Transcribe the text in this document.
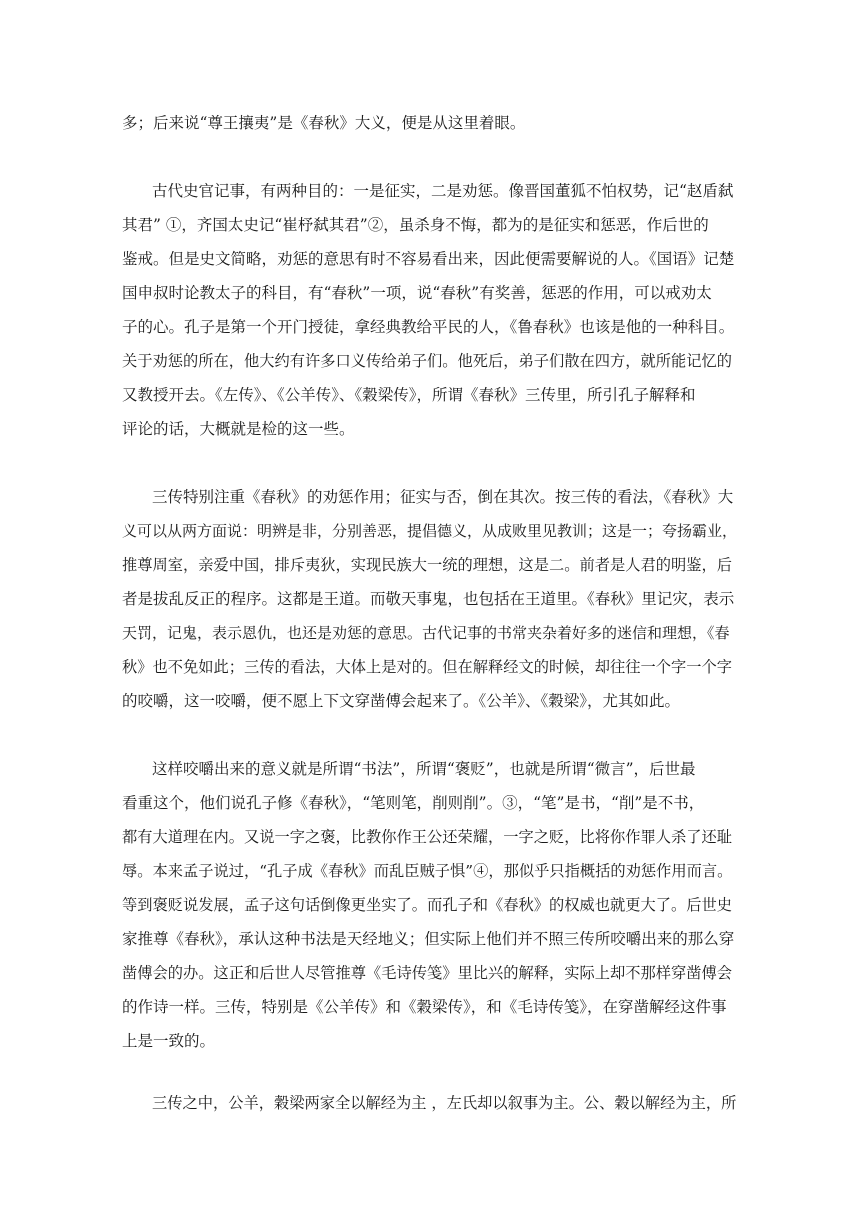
多；后来说“尊王攘夷”是《春秋》大义，便是从这里着眼。
古代史官记事，有两种目的：一是征实，二是劝惩。像晋国董狐不怕权势，记“赵盾弑
其君” ①，齐国太史记“崔杼弑其君”②，虽杀身不悔，都为的是征实和惩恶，作后世的
鉴戒。但是史文简略，劝惩的意思有时不容易看出来，因此便需要解说的人。《国语》记楚
国申叔时论教太子的科目，有“春秋”一项，说“春秋”有奖善，惩恶的作用，可以戒劝太
子的心。孔子是第一个开门授徒，拿经典教给平民的人，《鲁春秋》也该是他的一种科目。
关于劝惩的所在，他大约有许多口义传给弟子们。他死后，弟子们散在四方，就所能记忆的
又教授开去。《左传》、《公羊传》、《穀梁传》，所谓《春秋》三传里，所引孔子解释和
评论的话，大概就是检的这一些。
三传特别注重《春秋》的劝惩作用；征实与否，倒在其次。按三传的看法，《春秋》大
义可以从两方面说：明辨是非，分别善恶，提倡德义，从成败里见教训；这是一；夸扬霸业，
推尊周室，亲爱中国，排斥夷狄，实现民族大一统的理想，这是二。前者是人君的明鉴，后
者是拔乱反正的程序。这都是王道。而敬天事鬼，也包括在王道里。《春秋》里记灾，表示
天罚，记鬼，表示恩仇，也还是劝惩的意思。古代记事的书常夹杂着好多的迷信和理想，《春
秋》也不免如此；三传的看法，大体上是对的。但在解释经文的时候，却往往一个字一个字
的咬嚼，这一咬嚼，便不愿上下文穿凿傅会起来了。《公羊》、《穀梁》，尤其如此。
这样咬嚼出来的意义就是所谓“书法”，所谓“褒贬”，也就是所谓“微言”，后世最
看重这个，他们说孔子修《春秋》，“笔则笔，削则削”。③，“笔”是书，“削”是不书，
都有大道理在内。又说一字之褒，比教你作王公还荣耀，一字之贬，比将你作罪人杀了还耻
辱。本来孟子说过，“孔子成《春秋》而乱臣贼子惧”④，那似乎只指概括的劝惩作用而言。
等到褒贬说发展，孟子这句话倒像更坐实了。而孔子和《春秋》的权威也就更大了。后世史
家推尊《春秋》，承认这种书法是天经地义；但实际上他们并不照三传所咬嚼出来的那么穿
凿傅会的办。这正和后世人尽管推尊《毛诗传笺》里比兴的解释，实际上却不那样穿凿傅会
的作诗一样。三传，特别是《公羊传》和《穀梁传》，和《毛诗传笺》，在穿凿解经这件事
上是一致的。
三传之中，公羊，穀梁两家全以解经为主 ，左氏却以叙事为主。公、穀以解经为主，所
